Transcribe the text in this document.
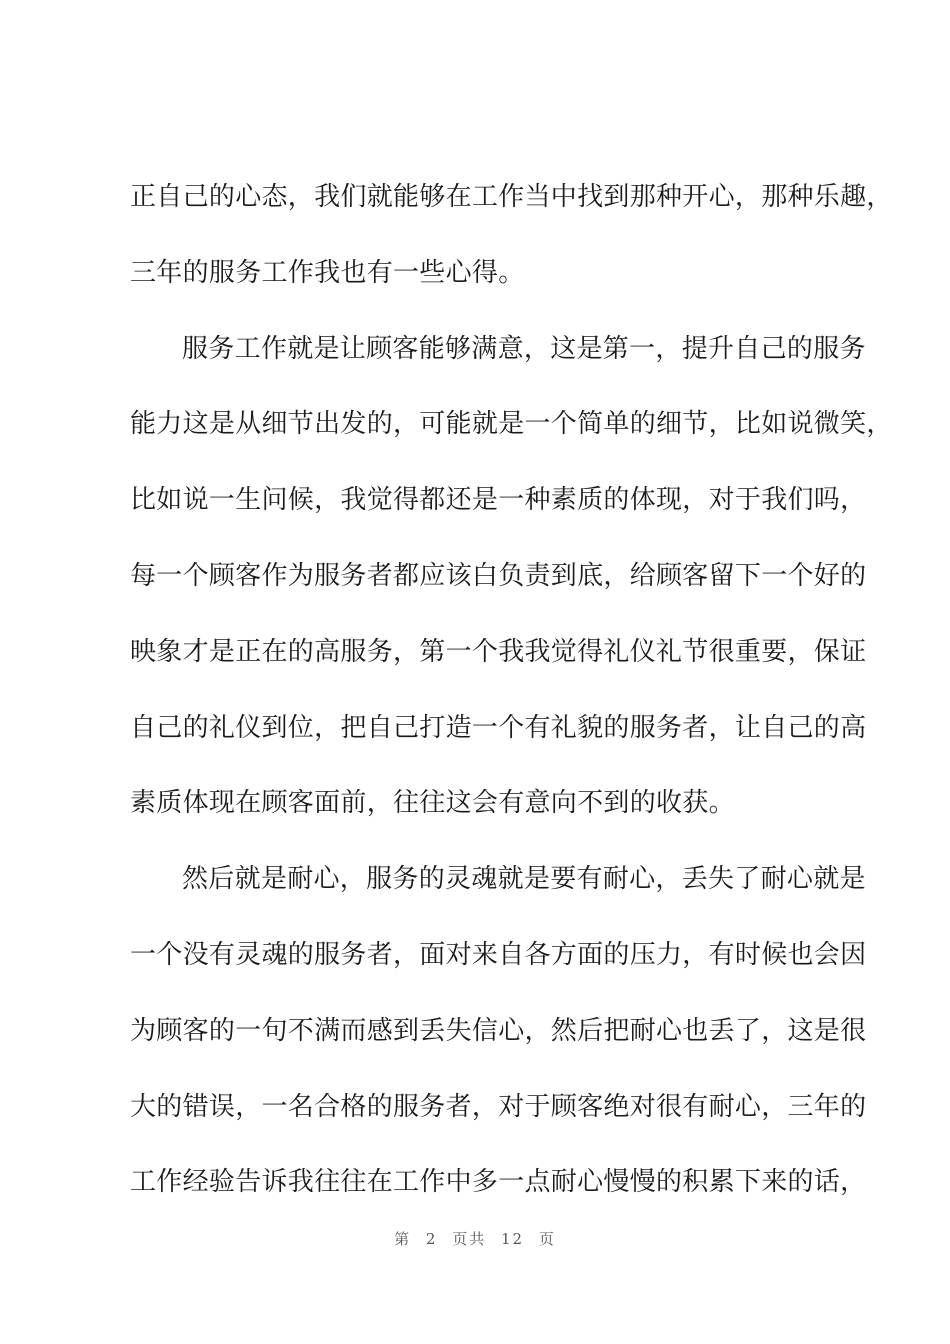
正自己的心态，我们就能够在工作当中找到那种开心，那种乐趣，
三年的服务工作我也有一些心得。
服务工作就是让顾客能够满意，这是第一，提升自己的服务
能力这是从细节出发的，可能就是一个简单的细节，比如说微笑，
比如说一生问候，我觉得都还是一种素质的体现，对于我们吗，
每一个顾客作为服务者都应该白负责到底，给顾客留下一个好的
映象才是正在的高服务，第一个我我觉得礼仪礼节很重要，保证
自己的礼仪到位，把自己打造一个有礼貌的服务者，让自己的高
素质体现在顾客面前，往往这会有意向不到的收获。
然后就是耐心，服务的灵魂就是要有耐心，丢失了耐心就是
一个没有灵魂的服务者，面对来自各方面的压力，有时候也会因
为顾客的一句不满而感到丢失信心，然后把耐心也丢了，这是很
大的错误，一名合格的服务者，对于顾客绝对很有耐心，三年的
工作经验告诉我往往在工作中多一点耐心慢慢的积累下来的话，
第 2 页共 12 页
